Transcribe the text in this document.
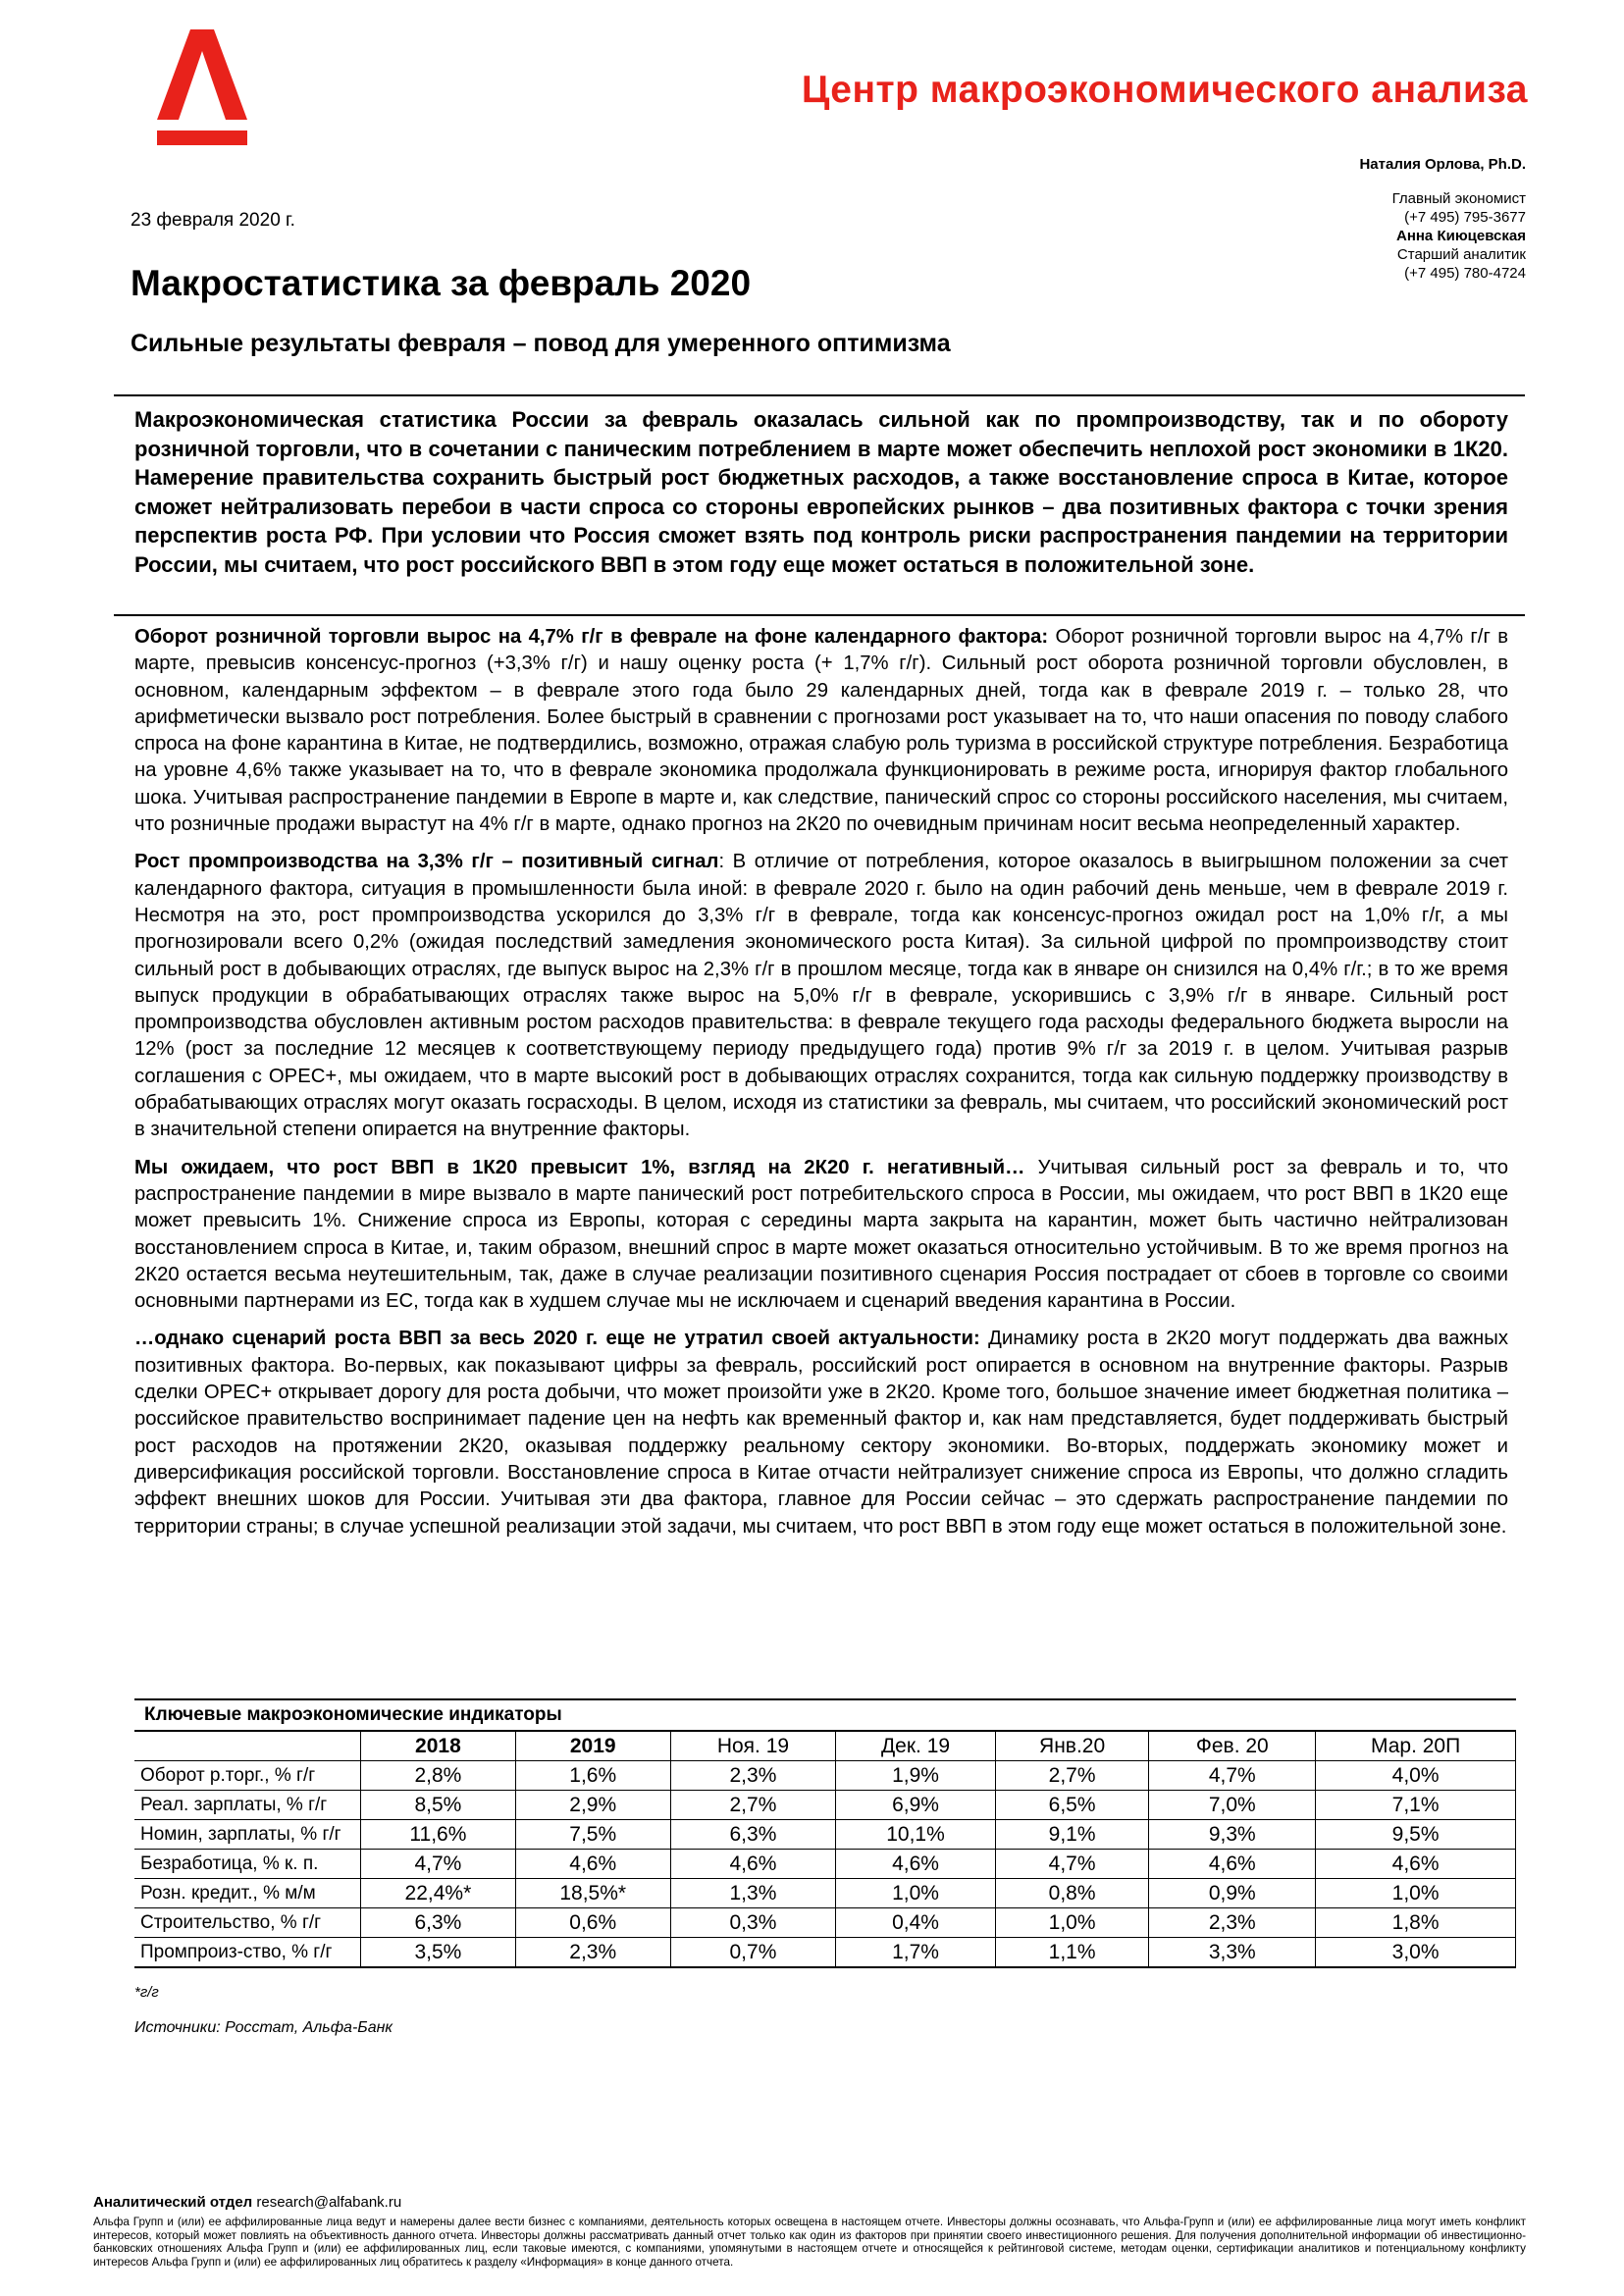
Центр макроэкономического анализа
Наталия Орлова, Ph.D.
Главный экономист
(+7 495) 795-3677
Анна Киюцевская
Старший аналитик
(+7 495) 780-4724
23 февраля 2020 г.
Макростатистика за февраль 2020
Сильные результаты февраля – повод для умеренного оптимизма

Макроэкономическая статистика России за февраль оказалась сильной как по промпроизводству, так и по обороту розничной торговли, что в сочетании с паническим потреблением в марте может обеспечить неплохой рост экономики в 1К20. Намерение правительства сохранить быстрый рост бюджетных расходов, а также восстановление спроса в Китае, которое сможет нейтрализовать перебои в части спроса со стороны европейских рынков – два позитивных фактора с точки зрения перспектив роста РФ. При условии что Россия сможет взять под контроль риски распространения пандемии на территории России, мы считаем, что рост российского ВВП в этом году еще может остаться в положительной зоне.

Оборот розничной торговли вырос на 4,7% г/г в феврале на фоне календарного фактора: Оборот розничной торговли вырос на 4,7% г/г в марте, превысив консенсус-прогноз (+3,3% г/г) и нашу оценку роста (+ 1,7% г/г). Сильный рост оборота розничной торговли обусловлен, в основном, календарным эффектом – в феврале этого года было 29 календарных дней, тогда как в феврале 2019 г. – только 28, что арифметически вызвало рост потребления. Более быстрый в сравнении с прогнозами рост указывает на то, что наши опасения по поводу слабого спроса на фоне карантина в Китае, не подтвердились, возможно, отражая слабую роль туризма в российской структуре потребления. Безработица на уровне 4,6% также указывает на то, что в феврале экономика продолжала функционировать в режиме роста, игнорируя фактор глобального шока. Учитывая распространение пандемии в Европе в марте и, как следствие, панический спрос со стороны российского населения, мы считаем, что розничные продажи вырастут на 4% г/г в марте, однако прогноз на 2К20 по очевидным причинам носит весьма неопределенный характер.

Рост промпроизводства на 3,3% г/г – позитивный сигнал: В отличие от потребления, которое оказалось в выигрышном положении за счет календарного фактора, ситуация в промышленности была иной: в феврале 2020 г. было на один рабочий день меньше, чем в феврале 2019 г. Несмотря на это, рост промпроизводства ускорился до 3,3% г/г в феврале, тогда как консенсус-прогноз ожидал рост на 1,0% г/г, а мы прогнозировали всего 0,2% (ожидая последствий замедления экономического роста Китая). За сильной цифрой по промпроизводству стоит сильный рост в добывающих отраслях, где выпуск вырос на 2,3% г/г в прошлом месяце, тогда как в январе он снизился на 0,4% г/г.; в то же время выпуск продукции в обрабатывающих отраслях также вырос на 5,0% г/г в феврале, ускорившись с 3,9% г/г в январе. Сильный рост промпроизводства обусловлен активным ростом расходов правительства: в феврале текущего года расходы федерального бюджета выросли на 12% (рост за последние 12 месяцев к соответствующему периоду предыдущего года) против 9% г/г за 2019 г. в целом. Учитывая разрыв соглашения с OPEC+, мы ожидаем, что в марте высокий рост в добывающих отраслях сохранится, тогда как сильную поддержку производству в обрабатывающих отраслях могут оказать госрасходы. В целом, исходя из статистики за февраль, мы считаем, что российский экономический рост в значительной степени опирается на внутренние факторы.

Мы ожидаем, что рост ВВП в 1К20 превысит 1%, взгляд на 2К20 г. негативный… Учитывая сильный рост за февраль и то, что распространение пандемии в мире вызвало в марте панический рост потребительского спроса в России, мы ожидаем, что рост ВВП в 1К20 еще может превысить 1%. Снижение спроса из Европы, которая с середины марта закрыта на карантин, может быть частично нейтрализован восстановлением спроса в Китае, и, таким образом, внешний спрос в марте может оказаться относительно устойчивым. В то же время прогноз на 2К20 остается весьма неутешительным, так, даже в случае реализации позитивного сценария Россия пострадает от сбоев в торговле со своими основными партнерами из ЕС, тогда как в худшем случае мы не исключаем и сценарий введения карантина в России.

…однако сценарий роста ВВП за весь 2020 г. еще не утратил своей актуальности: Динамику роста в 2К20 могут поддержать два важных позитивных фактора. Во-первых, как показывают цифры за февраль, российский рост опирается в основном на внутренние факторы. Разрыв сделки OPEC+ открывает дорогу для роста добычи, что может произойти уже в 2К20. Кроме того, большое значение имеет бюджетная политика – российское правительство воспринимает падение цен на нефть как временный фактор и, как нам представляется, будет поддерживать быстрый рост расходов на протяжении 2К20, оказывая поддержку реальному сектору экономики. Во-вторых, поддержать экономику может и диверсификация российской торговли. Восстановление спроса в Китае отчасти нейтрализует снижение спроса из Европы, что должно сгладить эффект внешних шоков для России. Учитывая эти два фактора, главное для России сейчас – это сдержать распространение пандемии по территории страны; в случае успешной реализации этой задачи, мы считаем, что рост ВВП в этом году еще может остаться в положительной зоне.

Ключевые макроэкономические индикаторы
	2018	2019	Ноя. 19	Дек. 19	Янв.20	Фев. 20	Мар. 20П
Оборот р.торг., % г/г	2,8%	1,6%	2,3%	1,9%	2,7%	4,7%	4,0%
Реал. зарплаты, % г/г	8,5%	2,9%	2,7%	6,9%	6,5%	7,0%	7,1%
Номин, зарплаты, % г/г	11,6%	7,5%	6,3%	10,1%	9,1%	9,3%	9,5%
Безработица, % к. п.	4,7%	4,6%	4,6%	4,6%	4,7%	4,6%	4,6%
Розн. кредит., % м/м	22,4%*	18,5%*	1,3%	1,0%	0,8%	0,9%	1,0%
Строительство, % г/г	6,3%	0,6%	0,3%	0,4%	1,0%	2,3%	1,8%
Промпроиз-ство, % г/г	3,5%	2,3%	0,7%	1,7%	1,1%	3,3%	3,0%
*г/г
Источники: Росстат, Альфа-Банк
Аналитический отдел research@alfabank.ru

Альфа Групп и (или) ее аффилированные лица ведут и намерены далее вести бизнес с компаниями, деятельность которых освещена в настоящем отчете. Инвесторы должны осознавать, что Альфа-Групп и (или) ее аффилированные лица могут иметь конфликт интересов, который может повлиять на объективность данного отчета. Инвесторы должны рассматривать данный отчет только как один из факторов при принятии своего инвестиционного решения. Для получения дополнительной информации об инвестиционно-банковских отношениях Альфа Групп и (или) ее аффилированных лиц, если таковые имеются, с компаниями, упомянутыми в настоящем отчете и относящейся к рейтинговой системе, методам оценки, сертификации аналитиков и потенциальному конфликту интересов Альфа Групп и (или) ее аффилированных лиц обратитесь к разделу «Информация» в конце данного отчета.
